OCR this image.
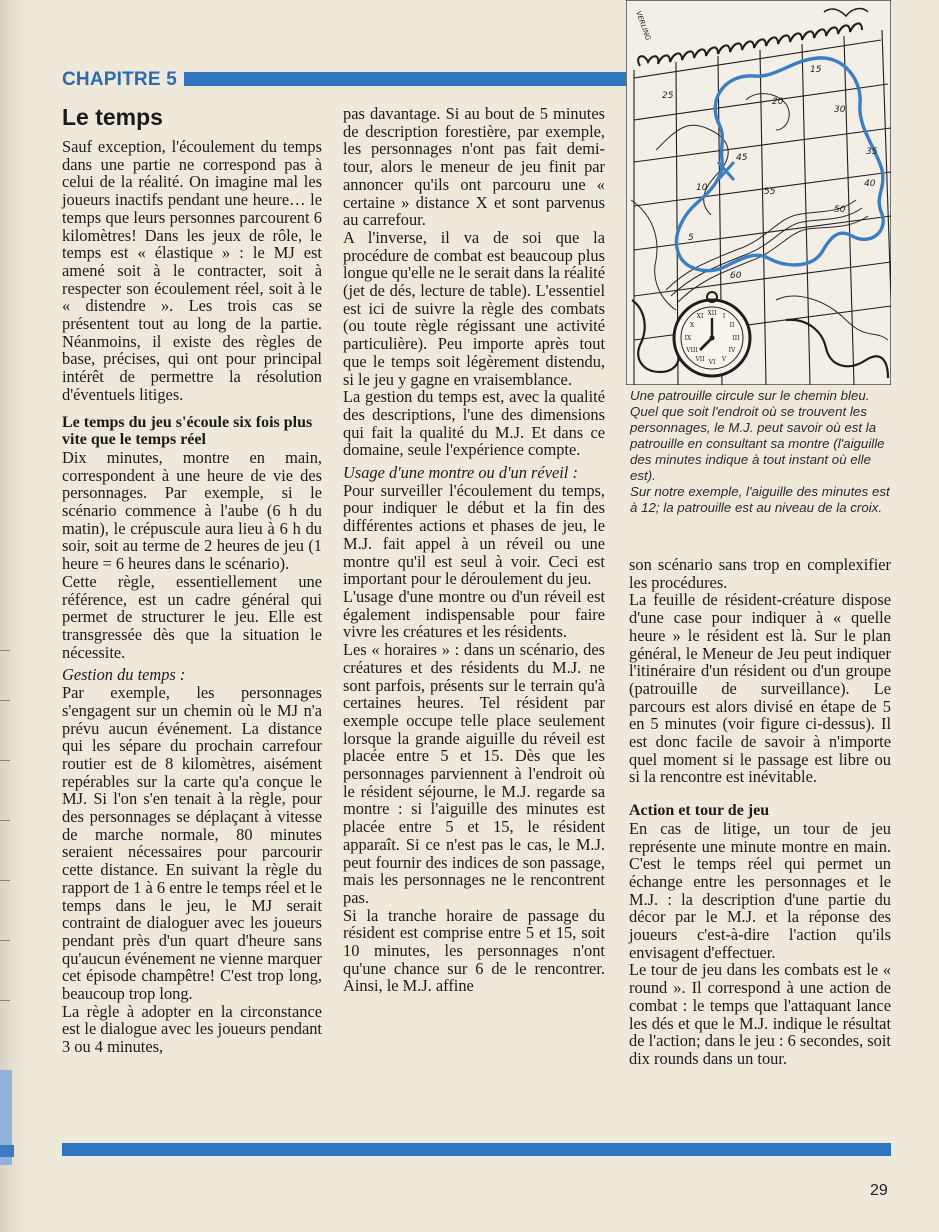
CHAPITRE 5
Le temps

Sauf exception, l'écoulement du temps dans une partie ne correspond pas à celui de la réalité. On imagine mal les joueurs inactifs pendant une heure… le temps que leurs personnes parcourent 6 kilomètres! Dans les jeux de rôle, le temps est « élastique » : le MJ est amené soit à le contracter, soit à respecter son écoulement réel, soit à le « distendre ». Les trois cas se présentent tout au long de la partie. Néanmoins, il existe des règles de base, précises, qui ont pour principal intérêt de permettre la résolution d'éventuels litiges.

Le temps du jeu s'écoule six fois plus vite que le temps réel

Dix minutes, montre en main, correspondent à une heure de vie des personnages. Par exemple, si le scénario commence à l'aube (6 h du matin), le crépuscule aura lieu à 6 h du soir, soit au terme de 2 heures de jeu (1 heure = 6 heures dans le scénario).

Cette règle, essentiellement une référence, est un cadre général qui permet de structurer le jeu. Elle est transgressée dès que la situation le nécessite.

Gestion du temps :

Par exemple, les personnages s'engagent sur un chemin où le MJ n'a prévu aucun événement. La distance qui les sépare du prochain carrefour routier est de 8 kilomètres, aisément repérables sur la carte qu'a conçue le MJ. Si l'on s'en tenait à la règle, pour des personnages se déplaçant à vitesse de marche normale, 80 minutes seraient nécessaires pour parcourir cette distance. En suivant la règle du rapport de 1 à 6 entre le temps réel et le temps dans le jeu, le MJ serait contraint de dialoguer avec les joueurs pendant près d'un quart d'heure sans qu'aucun événement ne vienne marquer cet épisode champêtre! C'est trop long, beaucoup trop long.

La règle à adopter en la circonstance est le dialogue avec les joueurs pendant 3 ou 4 minutes,

pas davantage. Si au bout de 5 minutes de description forestière, par exemple, les personnages n'ont pas fait demi-tour, alors le meneur de jeu finit par annoncer qu'ils ont parcouru une « certaine » distance X et sont parvenus au carrefour.

A l'inverse, il va de soi que la procédure de combat est beaucoup plus longue qu'elle ne le serait dans la réalité (jet de dés, lecture de table). L'essentiel est ici de suivre la règle des combats (ou toute règle régissant une activité particulière). Peu importe après tout que le temps soit légèrement distendu, si le jeu y gagne en vraisemblance.

La gestion du temps est, avec la qualité des descriptions, l'une des dimensions qui fait la qualité du M.J. Et dans ce domaine, seule l'expérience compte.

Usage d'une montre ou d'un réveil :

Pour surveiller l'écoulement du temps, pour indiquer le début et la fin des différentes actions et phases de jeu, le M.J. fait appel à un réveil ou une montre qu'il est seul à voir. Ceci est important pour le déroulement du jeu.

L'usage d'une montre ou d'un réveil est également indispensable pour faire vivre les créatures et les résidents.

Les « horaires » : dans un scénario, des créatures et des résidents du M.J. ne sont parfois, présents sur le terrain qu'à certaines heures. Tel résident par exemple occupe telle place seulement lorsque la grande aiguille du réveil est placée entre 5 et 15. Dès que les personnages parviennent à l'endroit où le résident séjourne, le M.J. regarde sa montre : si l'aiguille des minutes est placée entre 5 et 15, le résident apparaît. Si ce n'est pas le cas, le M.J. peut fournir des indices de son passage, mais les personnages ne le rencontrent pas.

Si la tranche horaire de passage du résident est comprise entre 5 et 15, soit 10 minutes, les personnages n'ont qu'une chance sur 6 de le rencontrer. Ainsi, le M.J. affine

5
10
15
20
25
30
35
40
45
50
55
60
XII I
II
III
IV
V
VI
VII
VIII
IX
X
XI
VERLING

Une patrouille circule sur le chemin bleu. Quel que soit l'endroit où se trouvent les personnages, le M.J. peut savoir où est la patrouille en consultant sa montre (l'aiguille des minutes indique à tout instant où elle est).

Sur notre exemple, l'aiguille des minutes est à 12; la patrouille est au niveau de la croix.

son scénario sans trop en complexifier les procédures.

La feuille de résident-créature dispose d'une case pour indiquer à « quelle heure » le résident est là. Sur le plan général, le Meneur de Jeu peut indiquer l'itinéraire d'un résident ou d'un groupe (patrouille de surveillance). Le parcours est alors divisé en étape de 5 en 5 minutes (voir figure ci-dessus). Il est donc facile de savoir à n'importe quel moment si le passage est libre ou si la rencontre est inévitable.

Action et tour de jeu

En cas de litige, un tour de jeu représente une minute montre en main. C'est le temps réel qui permet un échange entre les personnages et le M.J. : la description d'une partie du décor par le M.J. et la réponse des joueurs c'est-à-dire l'action qu'ils envisagent d'effectuer.

Le tour de jeu dans les combats est le « round ». Il correspond à une action de combat : le temps que l'attaquant lance les dés et que le M.J. indique le résultat de l'action; dans le jeu : 6 secondes, soit dix rounds dans un tour.

29
